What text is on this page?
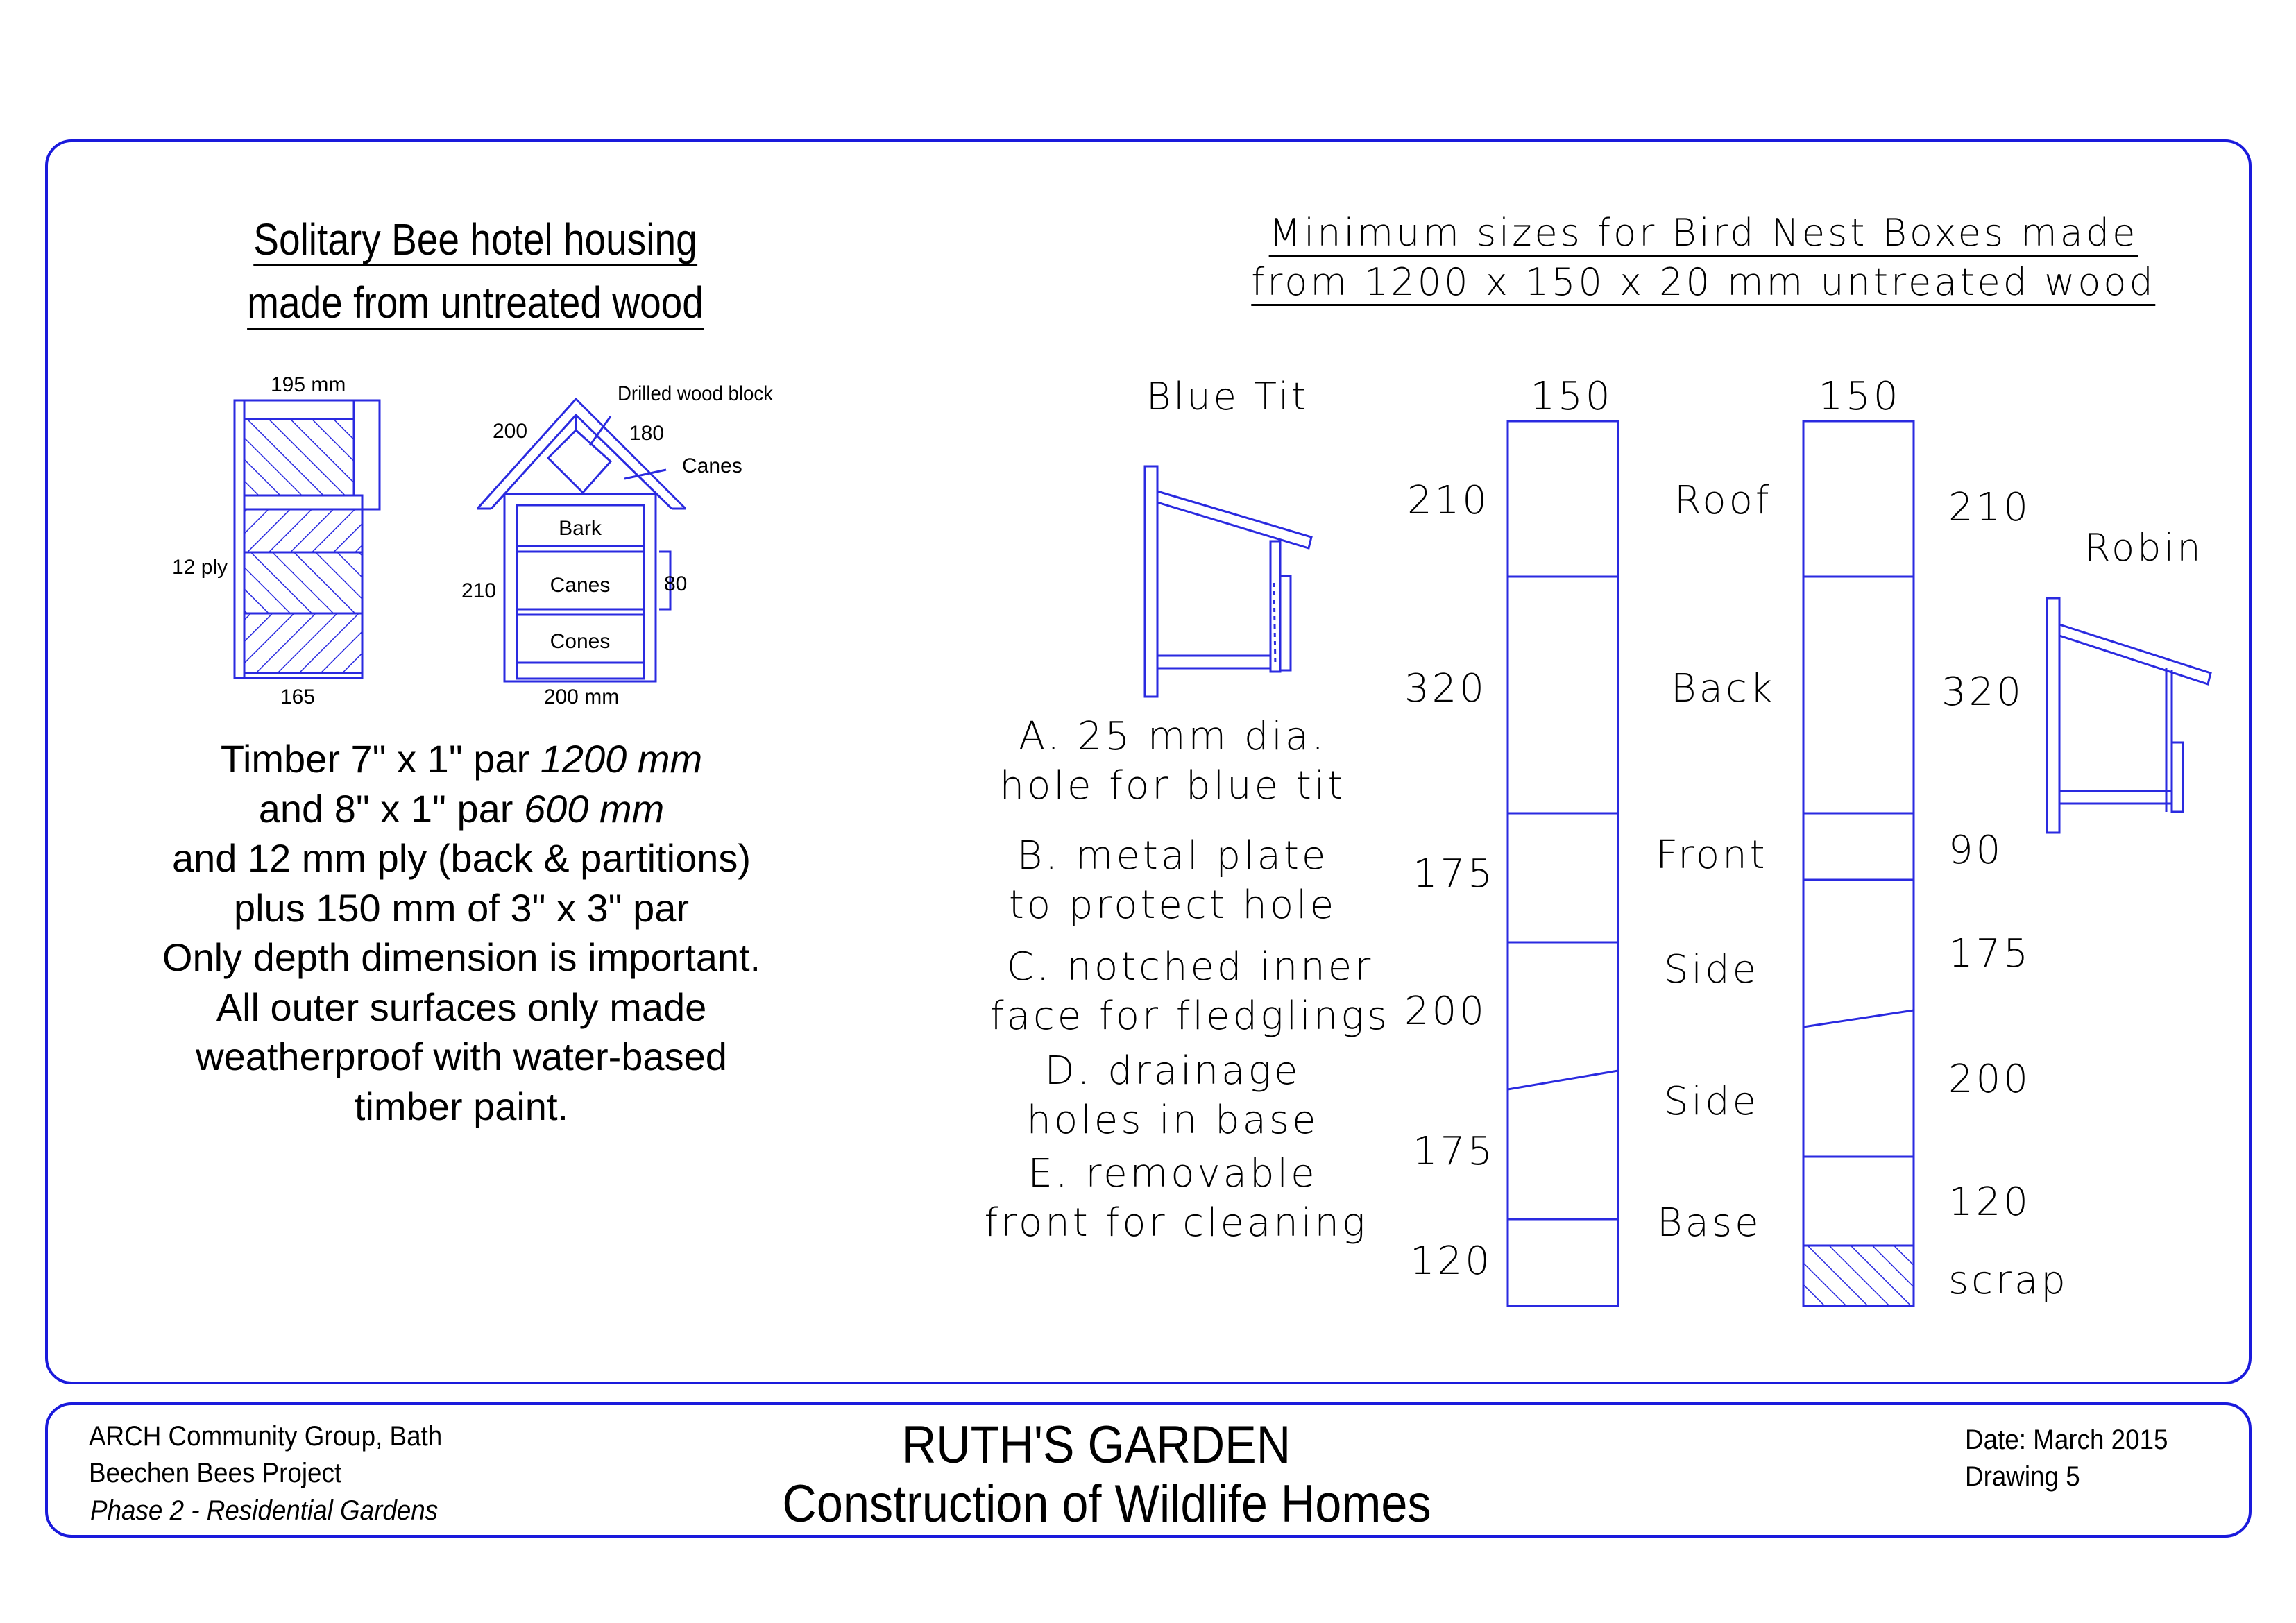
Solitary Bee hotel housing
made from untreated wood
195 mm
12 ply
165
Drilled wood block
200	180
Canes
210	80
Bark
Canes
Cones
200 mm
Timber 7" x 1" par 1200 mm
and 8" x 1" par 600 mm
and 12 mm ply (back & partitions)
plus 150 mm of 3" x 3" par
Only depth dimension is important.
All outer surfaces only made
weatherproof with water-based
timber paint.
Minimum sizes for Bird Nest Boxes made
from 1200 x 150 x 20 mm untreated wood
Blue Tit
Robin
A. 25 mm dia.
hole for blue tit
B. metal plate
to protect hole
C. notched inner
face for fledglings
D. drainage
holes in base
E. removable
front for cleaning
150
210
320
175
200
175
120
Roof
Back
Front
Side
Side
Base
150
210
320
90
175
200
120
scrap
ARCH Community Group, Bath
Beechen Bees Project
Phase 2 - Residential Gardens
RUTH'S GARDEN
Construction of Wildlife Homes
Date: March 2015
Drawing 5
